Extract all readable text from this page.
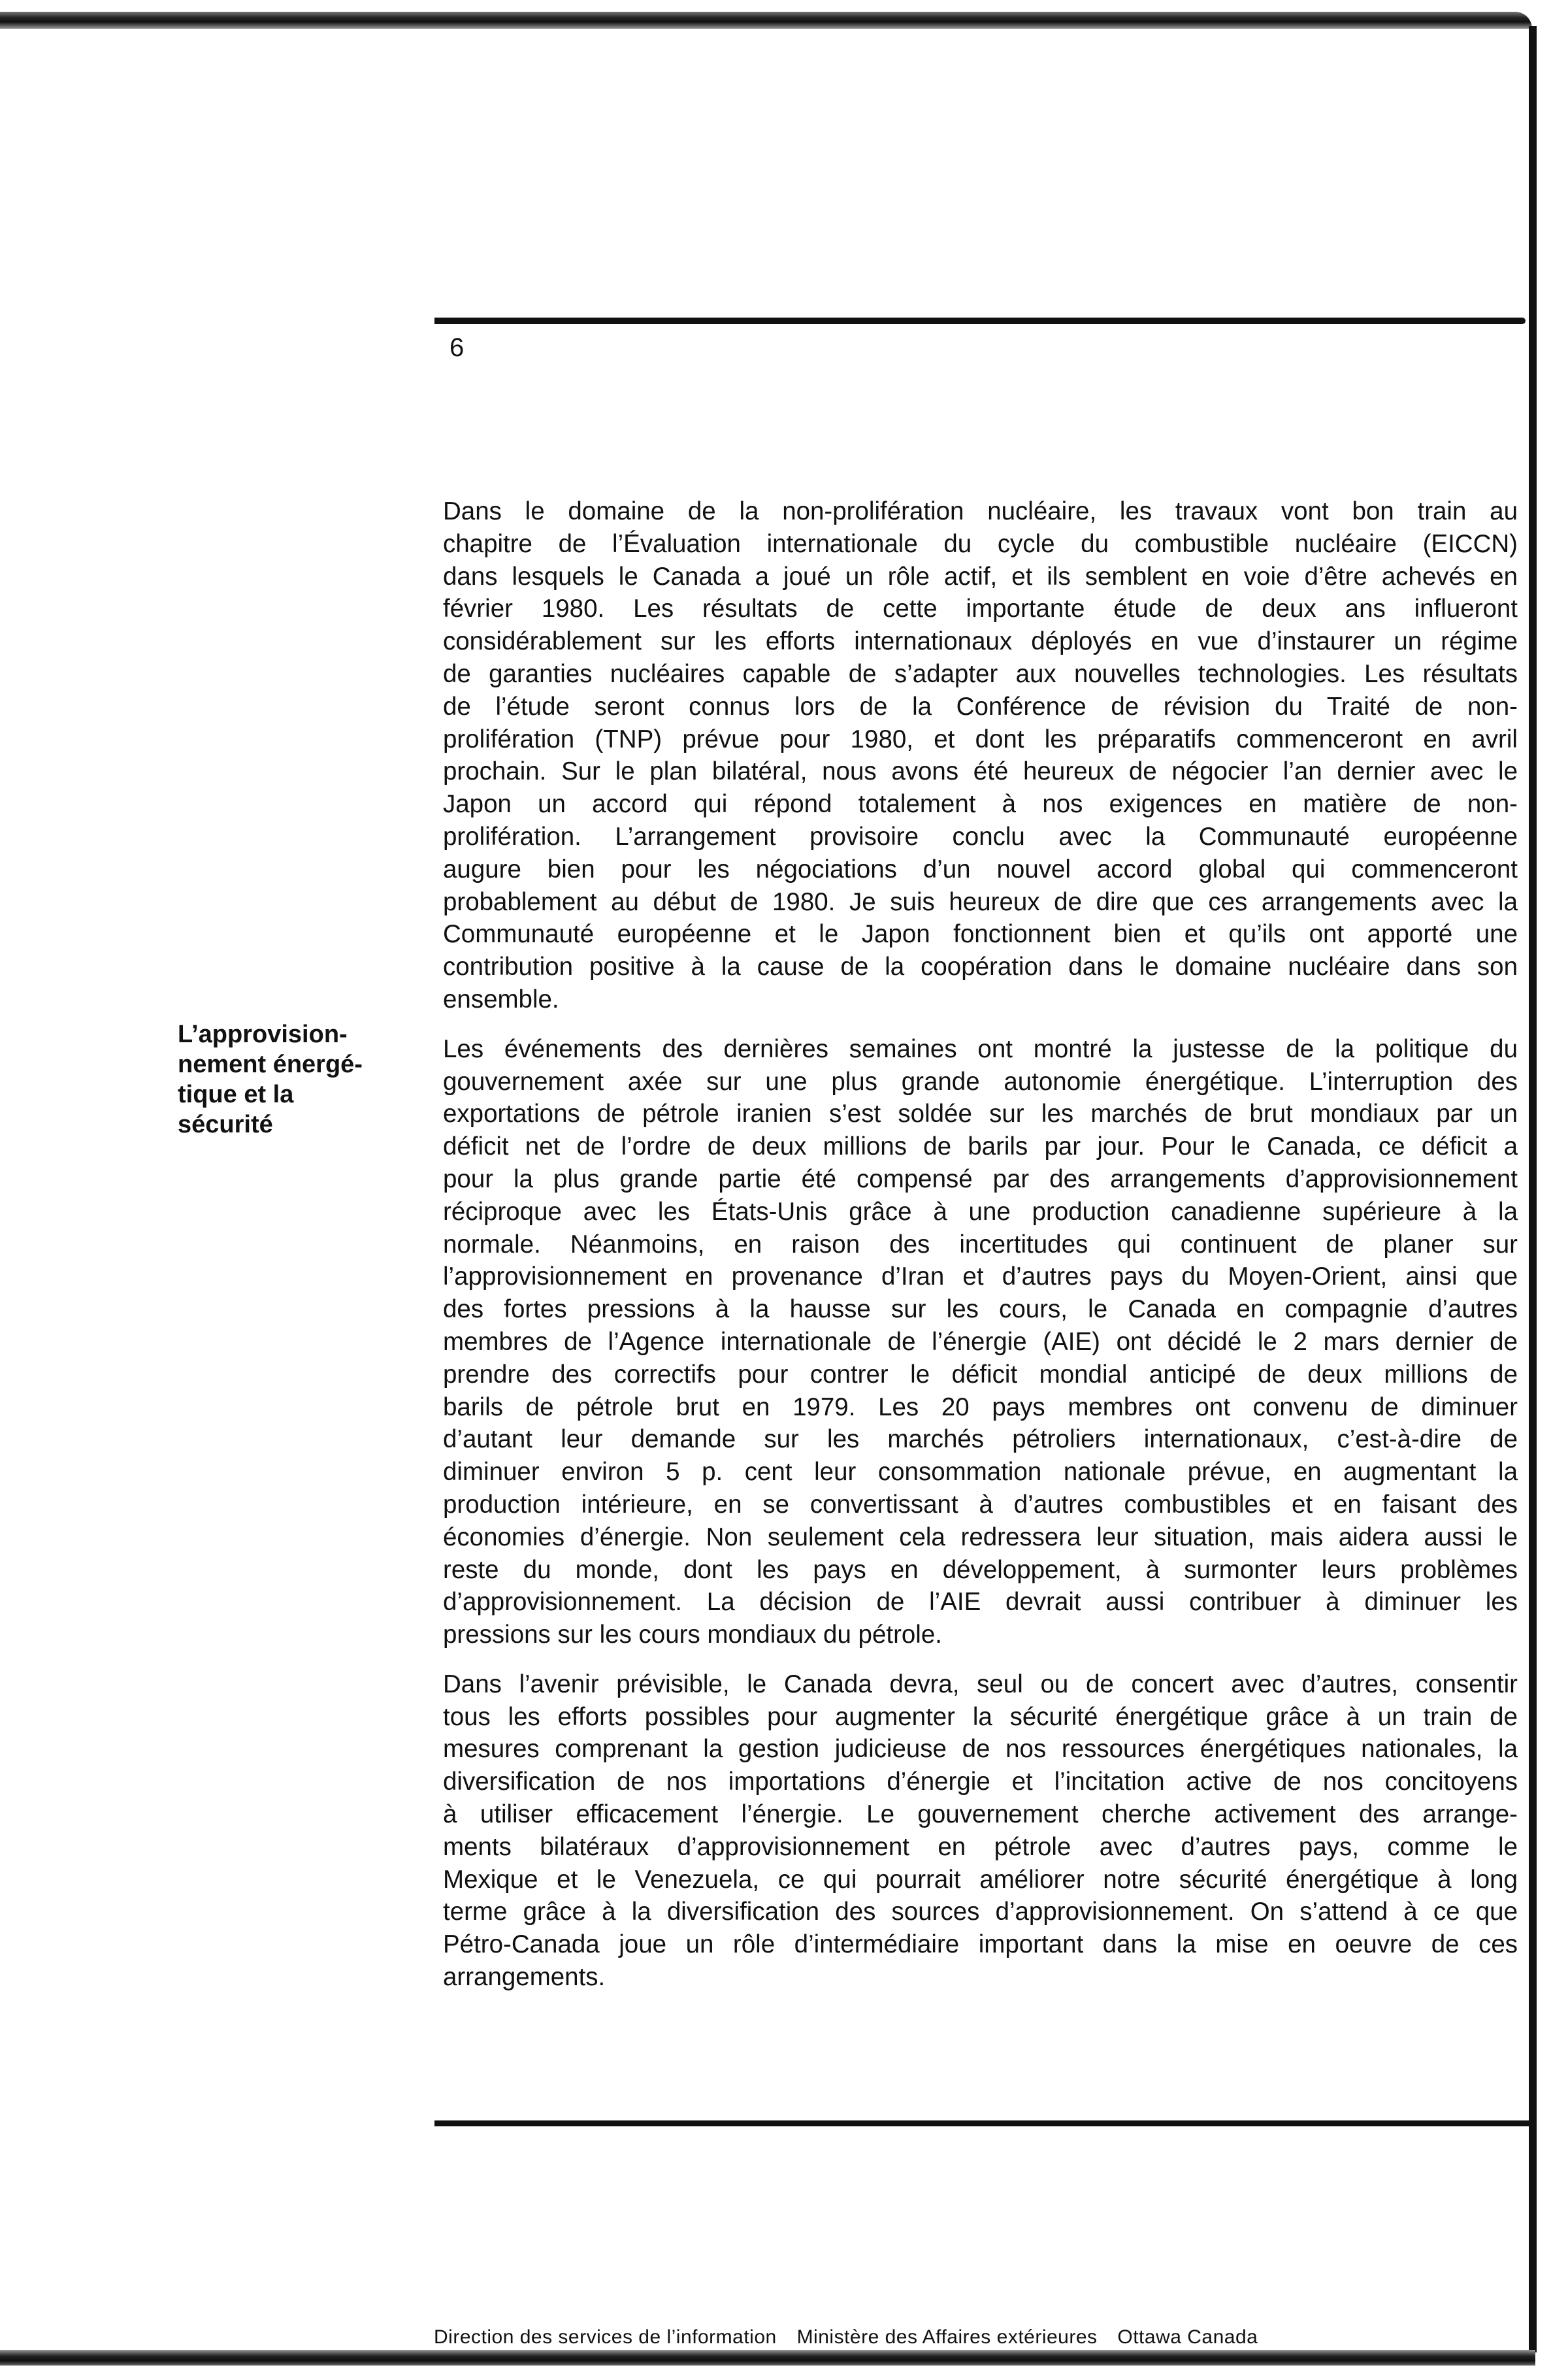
6
L’approvision-
nement énergé-
tique et la
sécurité
Dans le domaine de la non-prolifération nucléaire, les travaux vont bon train au
chapitre de l’Évaluation internationale du cycle du combustible nucléaire (EICCN)
dans lesquels le Canada a joué un rôle actif, et ils semblent en voie d’être achevés en
février 1980. Les résultats de cette importante étude de deux ans influeront
considérablement sur les efforts internationaux déployés en vue d’instaurer un régime
de garanties nucléaires capable de s’adapter aux nouvelles technologies. Les résultats
de l’étude seront connus lors de la Conférence de révision du Traité de non-
prolifération (TNP) prévue pour 1980, et dont les préparatifs commenceront en avril
prochain. Sur le plan bilatéral, nous avons été heureux de négocier l’an dernier avec le
Japon un accord qui répond totalement à nos exigences en matière de non-
prolifération. L’arrangement provisoire conclu avec la Communauté européenne
augure bien pour les négociations d’un nouvel accord global qui commenceront
probablement au début de 1980. Je suis heureux de dire que ces arrangements avec la
Communauté européenne et le Japon fonctionnent bien et qu’ils ont apporté une
contribution positive à la cause de la coopération dans le domaine nucléaire dans son
ensemble.
Les événements des dernières semaines ont montré la justesse de la politique du
gouvernement axée sur une plus grande autonomie énergétique. L’interruption des
exportations de pétrole iranien s’est soldée sur les marchés de brut mondiaux par un
déficit net de l’ordre de deux millions de barils par jour. Pour le Canada, ce déficit a
pour la plus grande partie été compensé par des arrangements d’approvisionnement
réciproque avec les États-Unis grâce à une production canadienne supérieure à la
normale. Néanmoins, en raison des incertitudes qui continuent de planer sur
l’approvisionnement en provenance d’Iran et d’autres pays du Moyen-Orient, ainsi que
des fortes pressions à la hausse sur les cours, le Canada en compagnie d’autres
membres de l’Agence internationale de l’énergie (AIE) ont décidé le 2 mars dernier de
prendre des correctifs pour contrer le déficit mondial anticipé de deux millions de
barils de pétrole brut en 1979. Les 20 pays membres ont convenu de diminuer
d’autant leur demande sur les marchés pétroliers internationaux, c’est-à-dire de
diminuer environ 5 p. cent leur consommation nationale prévue, en augmentant la
production intérieure, en se convertissant à d’autres combustibles et en faisant des
économies d’énergie. Non seulement cela redressera leur situation, mais aidera aussi le
reste du monde, dont les pays en développement, à surmonter leurs problèmes
d’approvisionnement. La décision de l’AIE devrait aussi contribuer à diminuer les
pressions sur les cours mondiaux du pétrole.
Dans l’avenir prévisible, le Canada devra, seul ou de concert avec d’autres, consentir
tous les efforts possibles pour augmenter la sécurité énergétique grâce à un train de
mesures comprenant la gestion judicieuse de nos ressources énergétiques nationales, la
diversification de nos importations d’énergie et l’incitation active de nos concitoyens
à utiliser efficacement l’énergie. Le gouvernement cherche activement des arrange-
ments bilatéraux d’approvisionnement en pétrole avec d’autres pays, comme le
Mexique et le Venezuela, ce qui pourrait améliorer notre sécurité énergétique à long
terme grâce à la diversification des sources d’approvisionnement. On s’attend à ce que
Pétro-Canada joue un rôle d’intermédiaire important dans la mise en oeuvre de ces
arrangements.
Direction des services de l’information Ministère des Affaires extérieures Ottawa Canada
